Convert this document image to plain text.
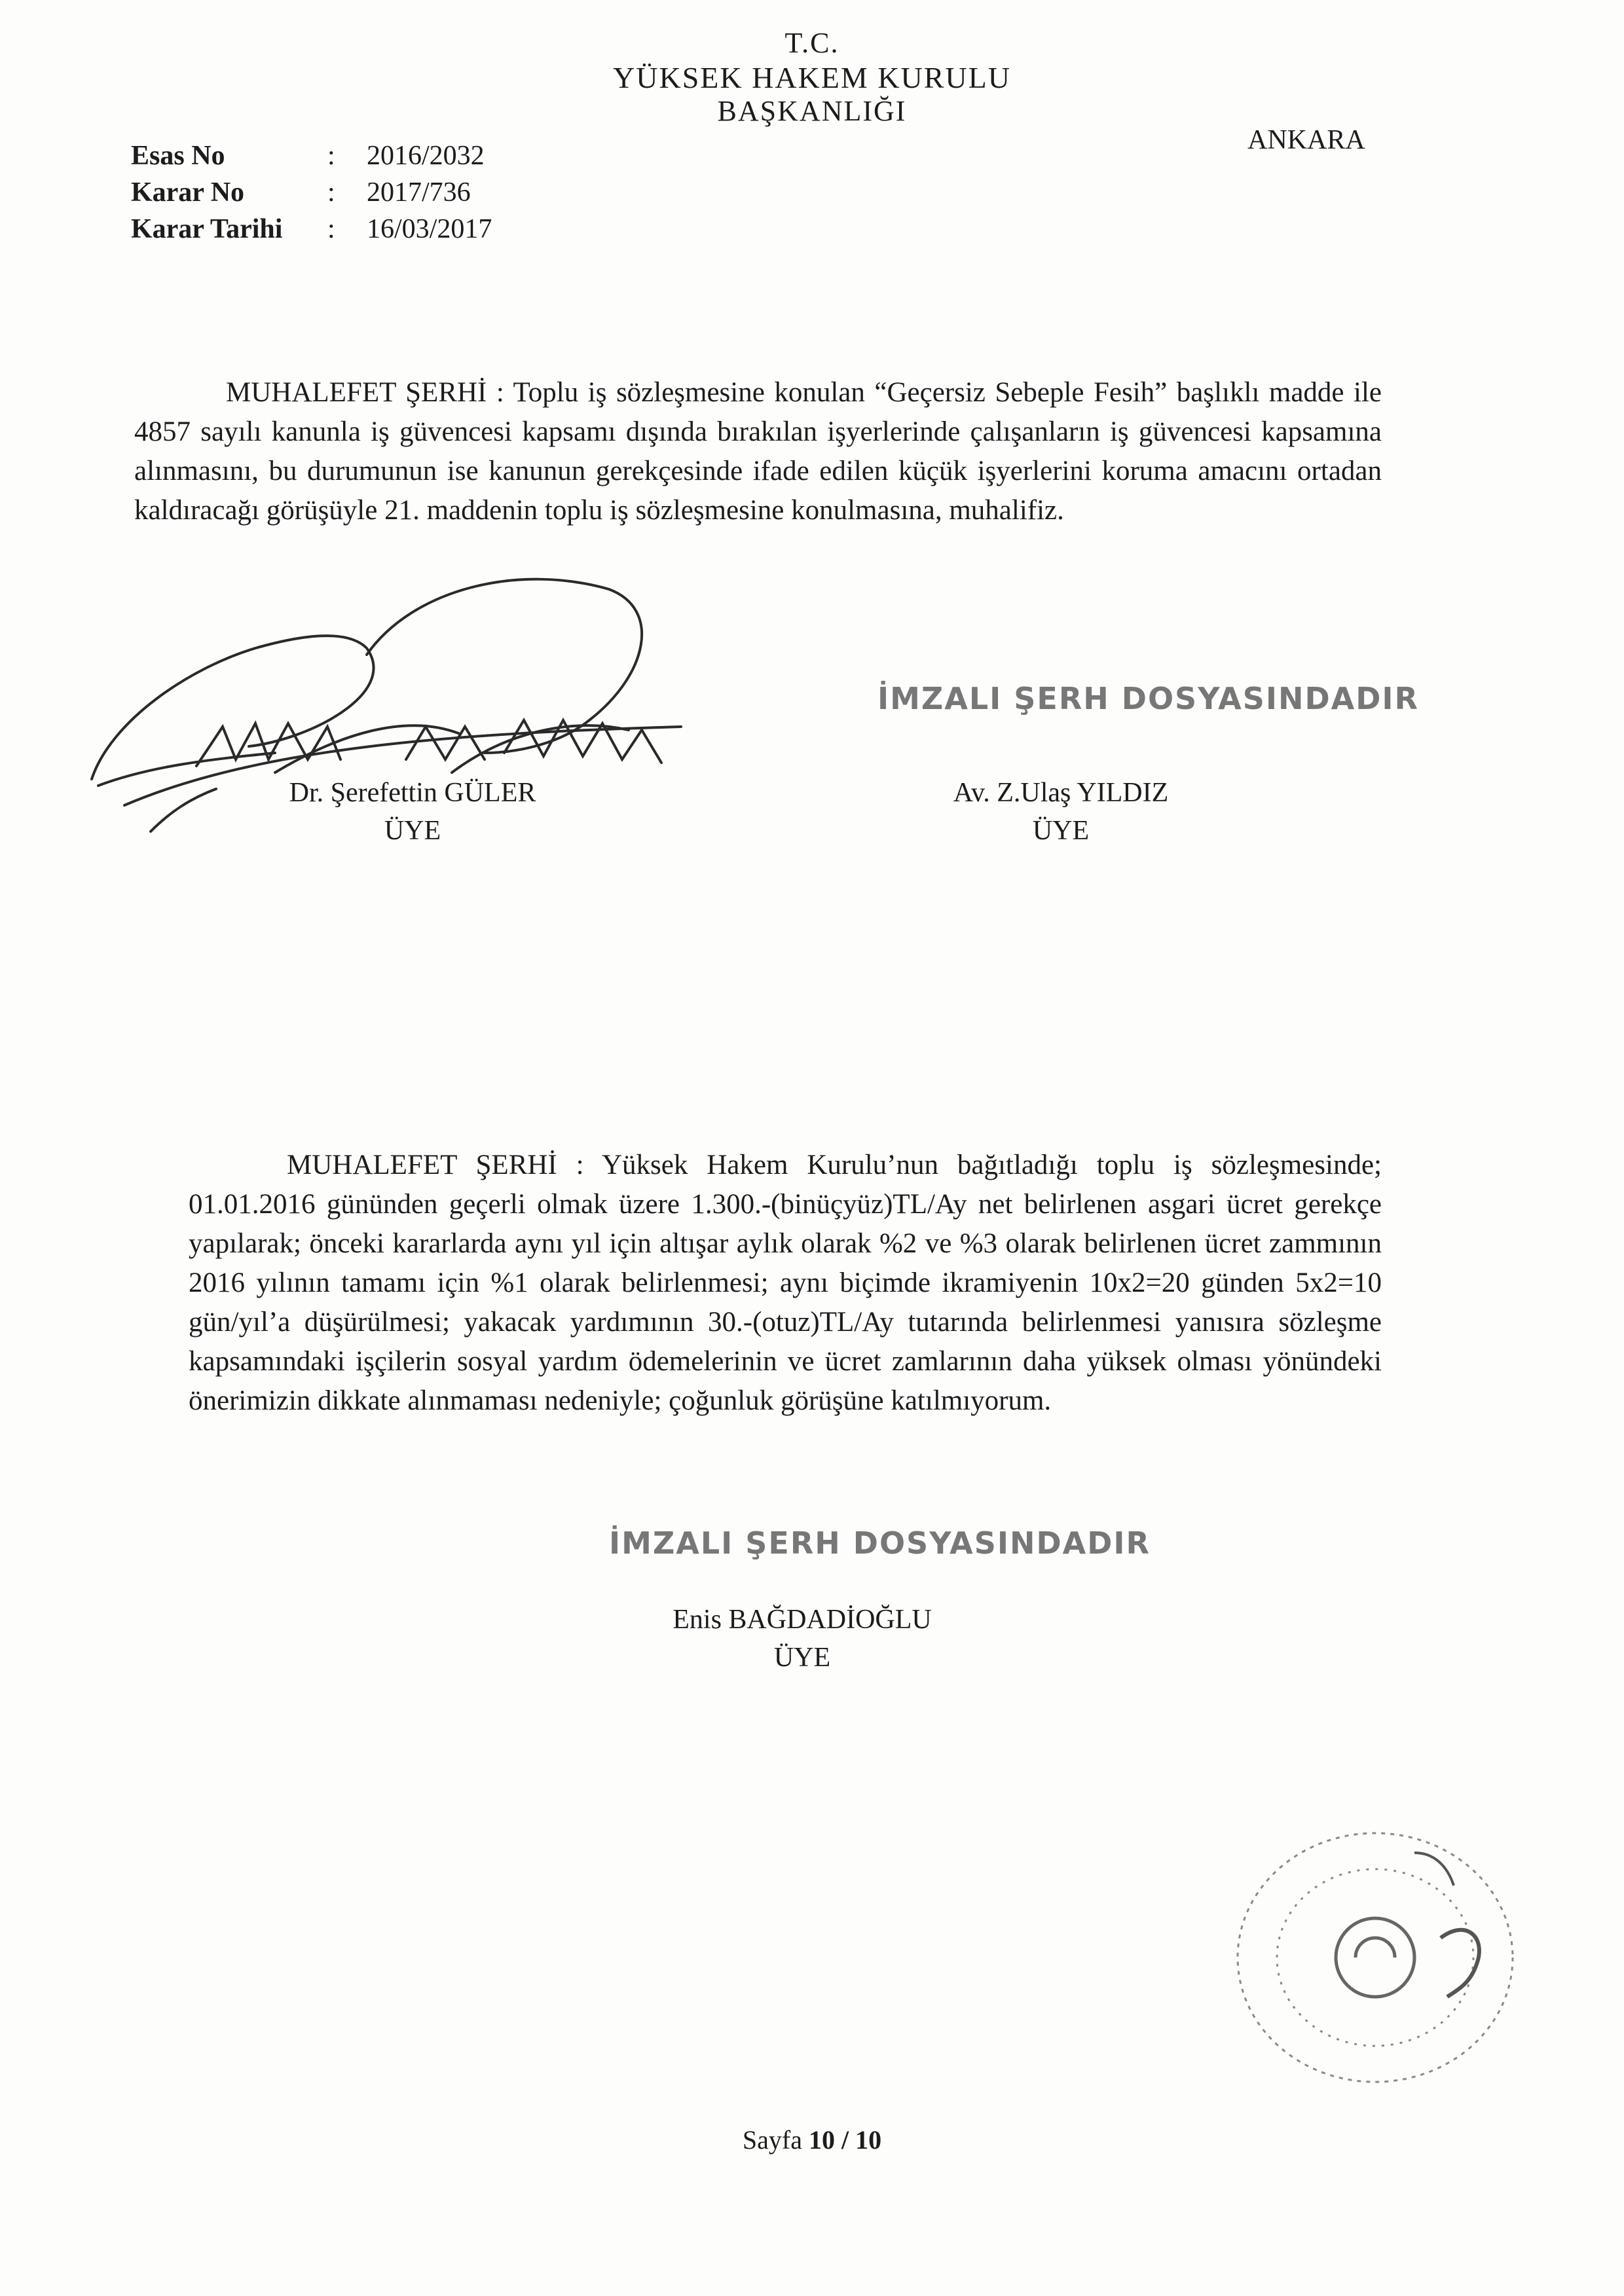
T.C.
YÜKSEK HAKEM KURULU
BAŞKANLIĞI
ANKARA
Esas No	:	2016/2032
Karar No	:	2017/736
Karar Tarihi	:	16/03/2017
MUHALEFET ŞERHİ : Toplu iş sözleşmesine konulan “Geçersiz Sebeple Fesih” başlıklı madde ile 4857 sayılı kanunla iş güvencesi kapsamı dışında bırakılan işyerlerinde çalışanların iş güvencesi kapsamına alınmasını, bu durumunun ise kanunun gerekçesinde ifade edilen küçük işyerlerini koruma amacını ortadan kaldıracağı görüşüyle 21. maddenin toplu iş sözleşmesine konulmasına, muhalifiz.
İMZALI ŞERH DOSYASINDADIR
Dr. Şerefettin GÜLER
ÜYE
Av. Z.Ulaş YILDIZ
ÜYE
MUHALEFET ŞERHİ : Yüksek Hakem Kurulu’nun bağıtladığı toplu iş sözleşmesinde; 01.01.2016 gününden geçerli olmak üzere 1.300.-(binüçyüz)TL/Ay net belirlenen asgari ücret gerekçe yapılarak; önceki kararlarda aynı yıl için altışar aylık olarak %2 ve %3 olarak belirlenen ücret zammının 2016 yılının tamamı için %1 olarak belirlenmesi; aynı biçimde ikramiyenin 10x2=20 günden 5x2=10 gün/yıl’a düşürülmesi; yakacak yardımının 30.-(otuz)TL/Ay tutarında belirlenmesi yanısıra sözleşme kapsamındaki işçilerin sosyal yardım ödemelerinin ve ücret zamlarının daha yüksek olması yönündeki önerimizin dikkate alınmaması nedeniyle; çoğunluk görüşüne katılmıyorum.
İMZALI ŞERH DOSYASINDADIR
Enis BAĞDADİOĞLU
ÜYE
Sayfa 10 / 10
